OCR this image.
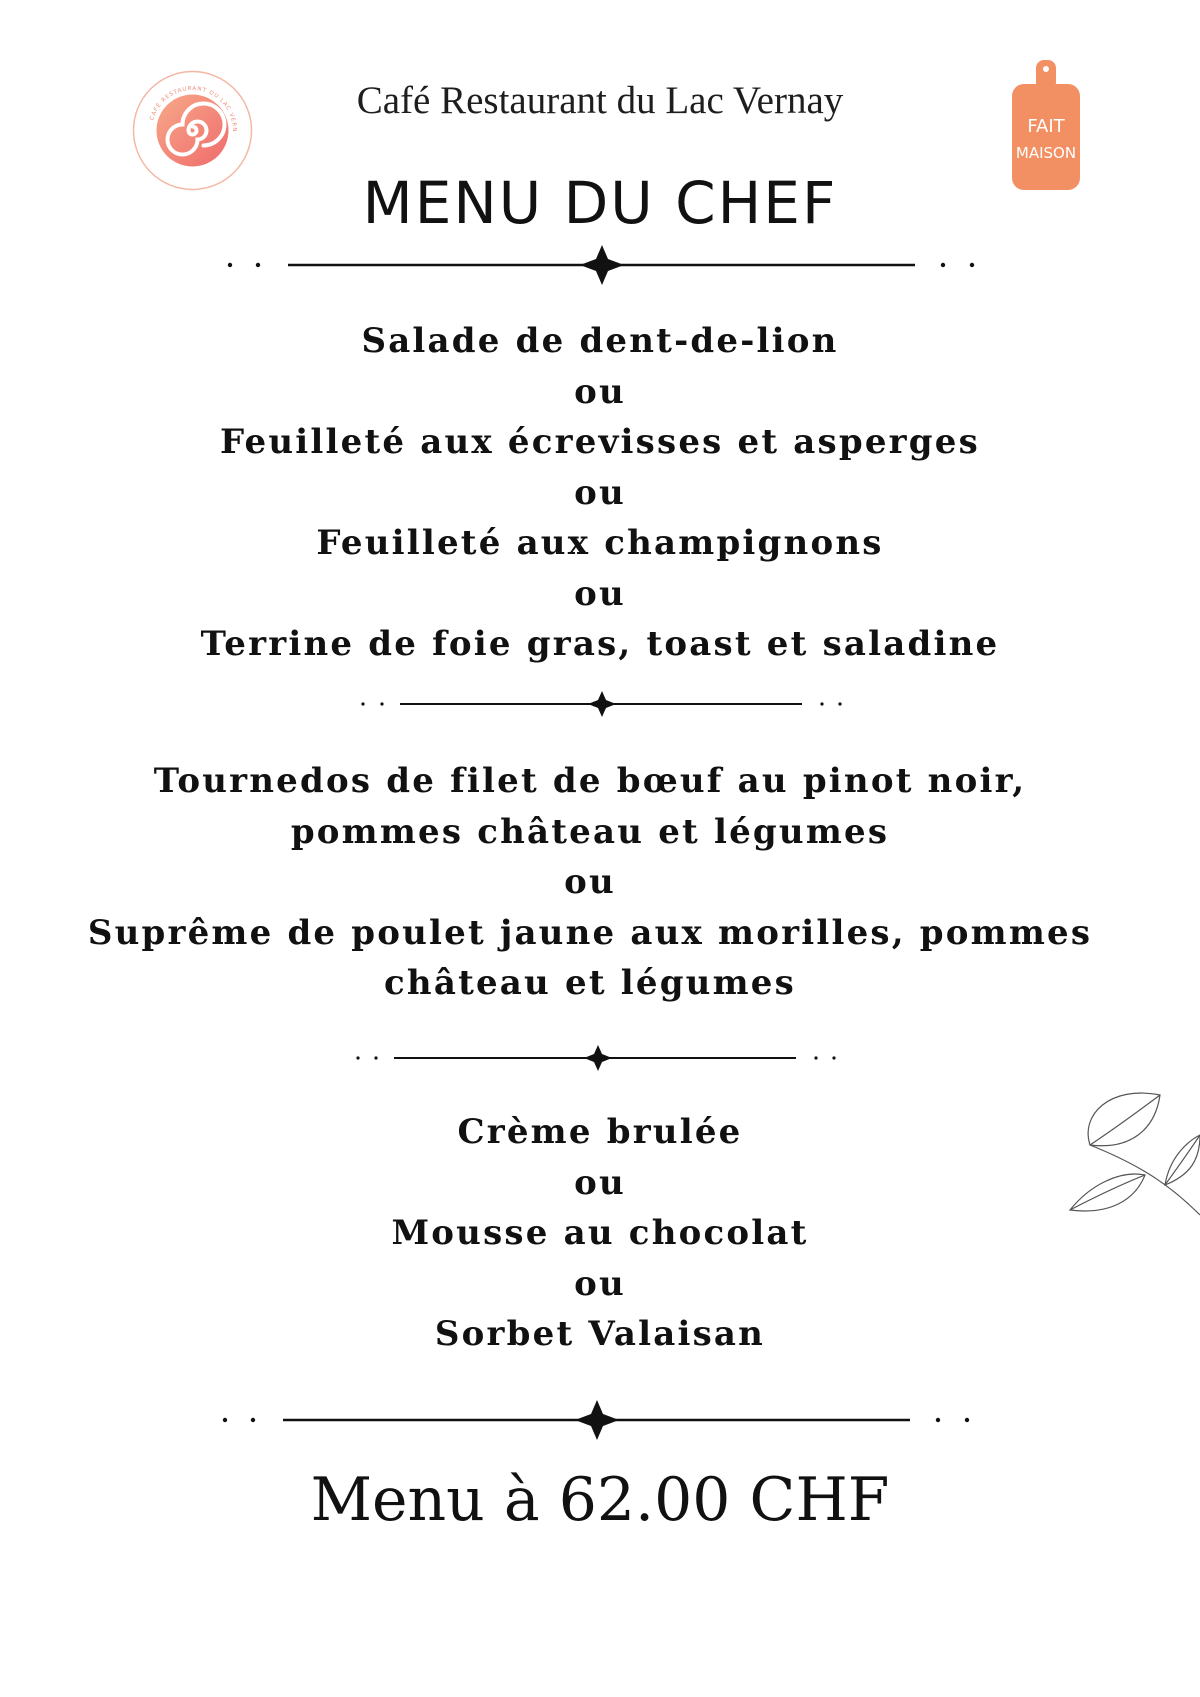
CAFÉ RESTAURANT DU LAC VERN	FAIT
MAISON
Café Restaurant du Lac Vernay
MENU DU CHEF
Salade de dent-de-lion
ou
Feuilleté aux écrevisses et asperges
ou
Feuilleté aux champignons
ou
Terrine de foie gras, toast et saladine
Tournedos de filet de bœuf au pinot noir,
pommes château et légumes
ou
Suprême de poulet jaune aux morilles, pommes
château et légumes
Crème brulée
ou
Mousse au chocolat
ou
Sorbet Valaisan
Menu à 62.00 CHF
